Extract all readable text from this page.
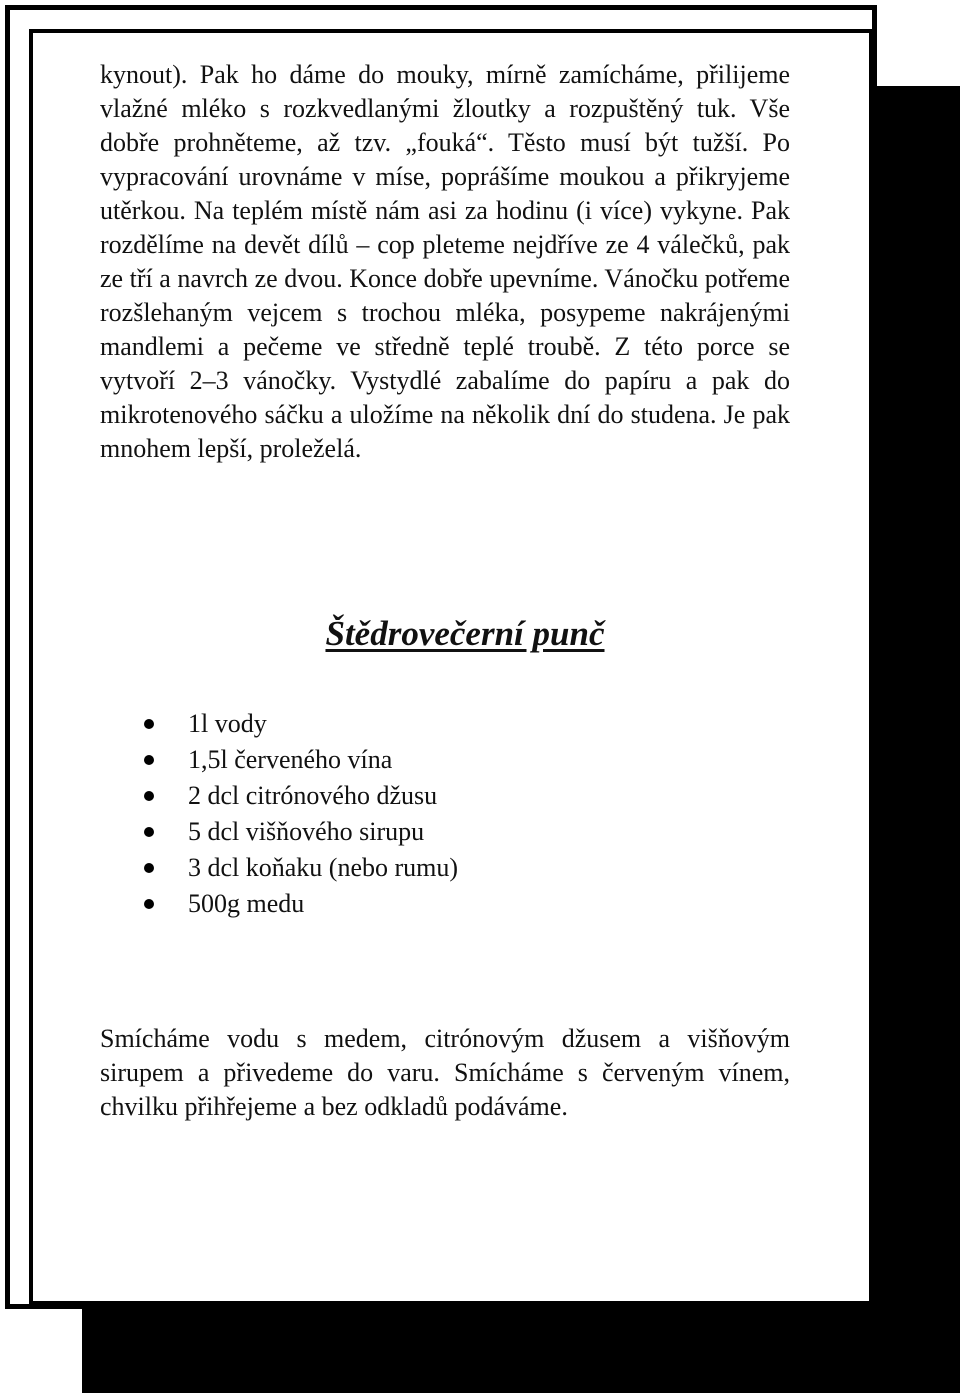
kynout). Pak ho dáme do mouky, mírně zamícháme, přilijeme vlažné mléko s rozkvedlanými žloutky a rozpuštěný tuk. Vše dobře prohněteme, až tzv. „fouká“. Těsto musí být tužší. Po vypracování urovnáme v míse, poprášíme moukou a přikryjeme utěrkou. Na teplém místě nám asi za hodinu (i více) vykyne. Pak rozdělíme na devět dílů – cop pleteme nejdříve ze 4 válečků, pak ze tří a navrch ze dvou. Konce dobře upevníme. Vánočku potřeme rozšlehaným vejcem s trochou mléka, posypeme nakrájenými mandlemi a pečeme ve středně teplé troubě. Z této porce se vytvoří 2–3 vánočky. Vystydlé zabalíme do papíru a pak do mikrotenového sáčku a uložíme na několik dní do studena. Je pak mnohem lepší, proleželá.

Štědrovečerní punč
1l vody
1,5l červeného vína
2 dcl citrónového džusu
5 dcl višňového sirupu
3 dcl koňaku (nebo rumu)
500g medu

Smícháme vodu s medem, citrónovým džusem a višňovým sirupem a přivedeme do varu. Smícháme s červeným vínem, chvilku přihřejeme a bez odkladů podáváme.
